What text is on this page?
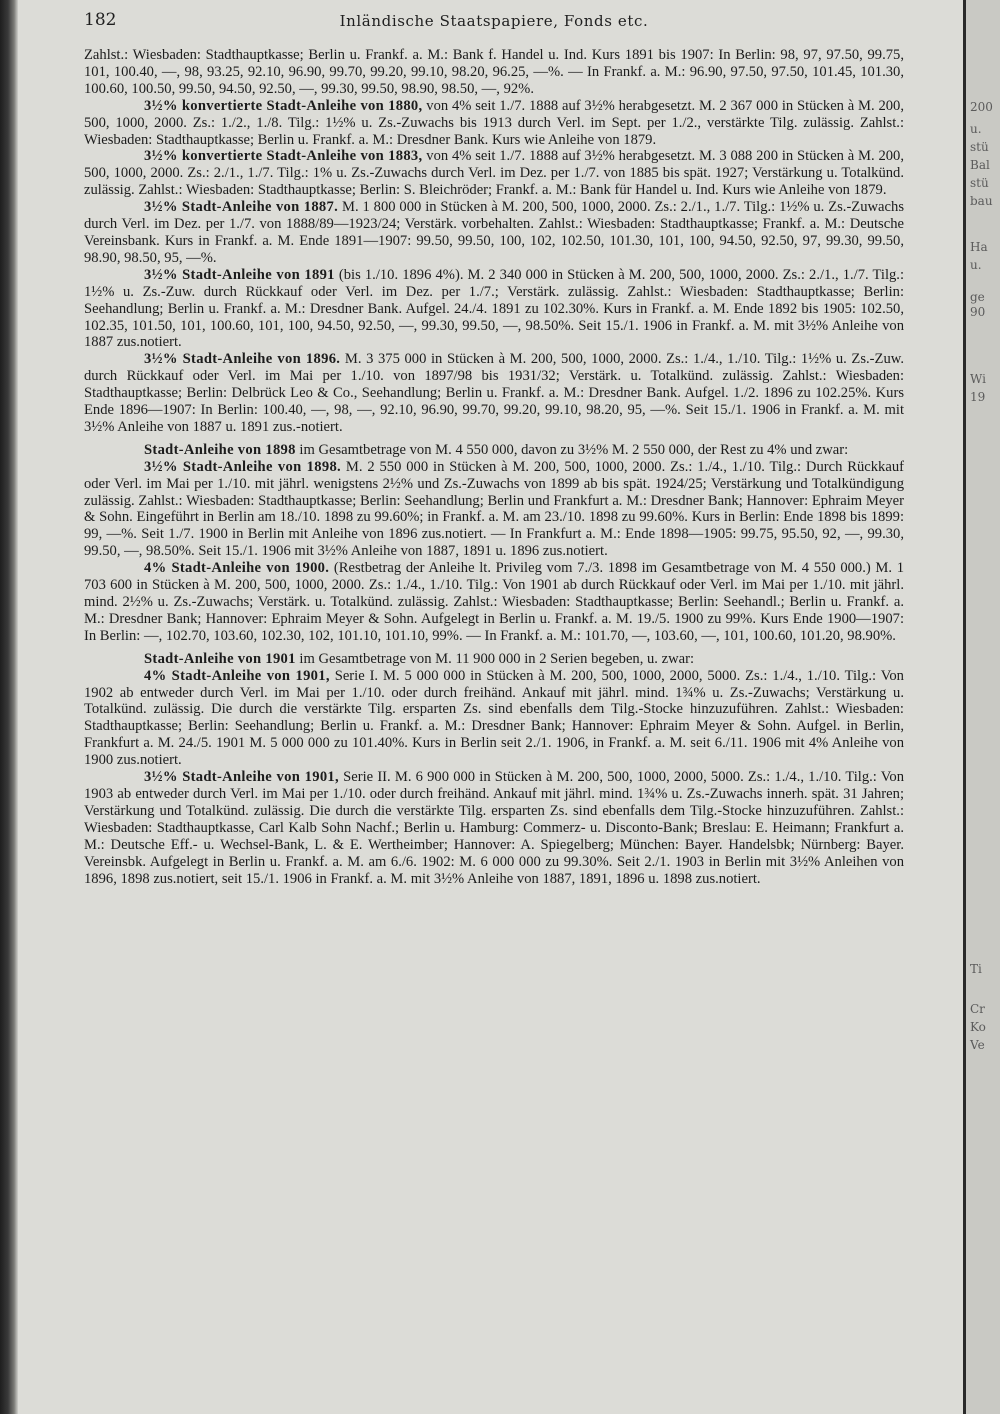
200
u.
stü
Bal
stü
bau
Ha
u.
ge
90
Wi
19
Ti
Cr
Ko
Ve
182	Inländische Staatspapiere, Fonds etc.

Zahlst.: Wiesbaden: Stadthauptkasse; Berlin u. Frankf. a. M.: Bank f. Handel u. Ind. Kurs 1891 bis 1907: In Berlin: 98, 97, 97.50, 99.75, 101, 100.40, —, 98, 93.25, 92.10, 96.90, 99.70, 99.20, 99.10, 98.20, 96.25, —%. — In Frankf. a. M.: 96.90, 97.50, 97.50, 101.45, 101.30, 100.60, 100.50, 99.50, 94.50, 92.50, —, 99.30, 99.50, 98.90, 98.50, —, 92%.

3½% konvertierte Stadt-Anleihe von 1880, von 4% seit 1./7. 1888 auf 3½% herabgesetzt. M. 2 367 000 in Stücken à M. 200, 500, 1000, 2000. Zs.: 1./2., 1./8. Tilg.: 1½% u. Zs.-Zuwachs bis 1913 durch Verl. im Sept. per 1./2., verstärkte Tilg. zulässig. Zahlst.: Wiesbaden: Stadthauptkasse; Berlin u. Frankf. a. M.: Dresdner Bank. Kurs wie Anleihe von 1879.

3½% konvertierte Stadt-Anleihe von 1883, von 4% seit 1./7. 1888 auf 3½% herabgesetzt. M. 3 088 200 in Stücken à M. 200, 500, 1000, 2000. Zs.: 2./1., 1./7. Tilg.: 1% u. Zs.-Zuwachs durch Verl. im Dez. per 1./7. von 1885 bis spät. 1927; Verstärkung u. Totalkünd. zulässig. Zahlst.: Wiesbaden: Stadthauptkasse; Berlin: S. Bleichröder; Frankf. a. M.: Bank für Handel u. Ind. Kurs wie Anleihe von 1879.

3½% Stadt-Anleihe von 1887. M. 1 800 000 in Stücken à M. 200, 500, 1000, 2000. Zs.: 2./1., 1./7. Tilg.: 1½% u. Zs.-Zuwachs durch Verl. im Dez. per 1./7. von 1888/89—1923/24; Verstärk. vorbehalten. Zahlst.: Wiesbaden: Stadthauptkasse; Frankf. a. M.: Deutsche Vereinsbank. Kurs in Frankf. a. M. Ende 1891—1907: 99.50, 99.50, 100, 102, 102.50, 101.30, 101, 100, 94.50, 92.50, 97, 99.30, 99.50, 98.90, 98.50, 95, —%.

3½% Stadt-Anleihe von 1891 (bis 1./10. 1896 4%). M. 2 340 000 in Stücken à M. 200, 500, 1000, 2000. Zs.: 2./1., 1./7. Tilg.: 1½% u. Zs.-Zuw. durch Rückkauf oder Verl. im Dez. per 1./7.; Verstärk. zulässig. Zahlst.: Wiesbaden: Stadthauptkasse; Berlin: Seehandlung; Berlin u. Frankf. a. M.: Dresdner Bank. Aufgel. 24./4. 1891 zu 102.30%. Kurs in Frankf. a. M. Ende 1892 bis 1905: 102.50, 102.35, 101.50, 101, 100.60, 101, 100, 94.50, 92.50, —, 99.30, 99.50, —, 98.50%. Seit 15./1. 1906 in Frankf. a. M. mit 3½% Anleihe von 1887 zus.notiert.

3½% Stadt-Anleihe von 1896. M. 3 375 000 in Stücken à M. 200, 500, 1000, 2000. Zs.: 1./4., 1./10. Tilg.: 1½% u. Zs.-Zuw. durch Rückkauf oder Verl. im Mai per 1./10. von 1897/98 bis 1931/32; Verstärk. u. Totalkünd. zulässig. Zahlst.: Wiesbaden: Stadthauptkasse; Berlin: Delbrück Leo & Co., Seehandlung; Berlin u. Frankf. a. M.: Dresdner Bank. Aufgel. 1./2. 1896 zu 102.25%. Kurs Ende 1896—1907: In Berlin: 100.40, —, 98, —, 92.10, 96.90, 99.70, 99.20, 99.10, 98.20, 95, —%. Seit 15./1. 1906 in Frankf. a. M. mit 3½% Anleihe von 1887 u. 1891 zus.-notiert.

Stadt-Anleihe von 1898 im Gesamtbetrage von M. 4 550 000, davon zu 3½% M. 2 550 000, der Rest zu 4% und zwar:

3½% Stadt-Anleihe von 1898. M. 2 550 000 in Stücken à M. 200, 500, 1000, 2000. Zs.: 1./4., 1./10. Tilg.: Durch Rückkauf oder Verl. im Mai per 1./10. mit jährl. wenigstens 2½% und Zs.-Zuwachs von 1899 ab bis spät. 1924/25; Verstärkung und Totalkündigung zulässig. Zahlst.: Wiesbaden: Stadthauptkasse; Berlin: Seehandlung; Berlin und Frankfurt a. M.: Dresdner Bank; Hannover: Ephraim Meyer & Sohn. Eingeführt in Berlin am 18./10. 1898 zu 99.60%; in Frankf. a. M. am 23./10. 1898 zu 99.60%. Kurs in Berlin: Ende 1898 bis 1899: 99, —%. Seit 1./7. 1900 in Berlin mit Anleihe von 1896 zus.notiert. — In Frankfurt a. M.: Ende 1898—1905: 99.75, 95.50, 92, —, 99.30, 99.50, —, 98.50%. Seit 15./1. 1906 mit 3½% Anleihe von 1887, 1891 u. 1896 zus.notiert.

4% Stadt-Anleihe von 1900. (Restbetrag der Anleihe lt. Privileg vom 7./3. 1898 im Gesamtbetrage von M. 4 550 000.) M. 1 703 600 in Stücken à M. 200, 500, 1000, 2000. Zs.: 1./4., 1./10. Tilg.: Von 1901 ab durch Rückkauf oder Verl. im Mai per 1./10. mit jährl. mind. 2½% u. Zs.-Zuwachs; Verstärk. u. Totalkünd. zulässig. Zahlst.: Wiesbaden: Stadthauptkasse; Berlin: Seehandl.; Berlin u. Frankf. a. M.: Dresdner Bank; Hannover: Ephraim Meyer & Sohn. Aufgelegt in Berlin u. Frankf. a. M. 19./5. 1900 zu 99%. Kurs Ende 1900—1907: In Berlin: —, 102.70, 103.60, 102.30, 102, 101.10, 101.10, 99%. — In Frankf. a. M.: 101.70, —, 103.60, —, 101, 100.60, 101.20, 98.90%.

Stadt-Anleihe von 1901 im Gesamtbetrage von M. 11 900 000 in 2 Serien begeben, u. zwar:

4% Stadt-Anleihe von 1901, Serie I. M. 5 000 000 in Stücken à M. 200, 500, 1000, 2000, 5000. Zs.: 1./4., 1./10. Tilg.: Von 1902 ab entweder durch Verl. im Mai per 1./10. oder durch freihänd. Ankauf mit jährl. mind. 1¾% u. Zs.-Zuwachs; Verstärkung u. Totalkünd. zulässig. Die durch die verstärkte Tilg. ersparten Zs. sind ebenfalls dem Tilg.-Stocke hinzuzuführen. Zahlst.: Wiesbaden: Stadthauptkasse; Berlin: Seehandlung; Berlin u. Frankf. a. M.: Dresdner Bank; Hannover: Ephraim Meyer & Sohn. Aufgel. in Berlin, Frankfurt a. M. 24./5. 1901 M. 5 000 000 zu 101.40%. Kurs in Berlin seit 2./1. 1906, in Frankf. a. M. seit 6./11. 1906 mit 4% Anleihe von 1900 zus.notiert.

3½% Stadt-Anleihe von 1901, Serie II. M. 6 900 000 in Stücken à M. 200, 500, 1000, 2000, 5000. Zs.: 1./4., 1./10. Tilg.: Von 1903 ab entweder durch Verl. im Mai per 1./10. oder durch freihänd. Ankauf mit jährl. mind. 1¾% u. Zs.-Zuwachs innerh. spät. 31 Jahren; Verstärkung und Totalkünd. zulässig. Die durch die verstärkte Tilg. ersparten Zs. sind ebenfalls dem Tilg.-Stocke hinzuzuführen. Zahlst.: Wiesbaden: Stadthauptkasse, Carl Kalb Sohn Nachf.; Berlin u. Hamburg: Commerz- u. Disconto-Bank; Breslau: E. Heimann; Frankfurt a. M.: Deutsche Eff.- u. Wechsel-Bank, L. & E. Wertheimber; Hannover: A. Spiegelberg; München: Bayer. Handelsbk; Nürnberg: Bayer. Vereinsbk. Aufgelegt in Berlin u. Frankf. a. M. am 6./6. 1902: M. 6 000 000 zu 99.30%. Seit 2./1. 1903 in Berlin mit 3½% Anleihen von 1896, 1898 zus.notiert, seit 15./1. 1906 in Frankf. a. M. mit 3½% Anleihe von 1887, 1891, 1896 u. 1898 zus.notiert.
